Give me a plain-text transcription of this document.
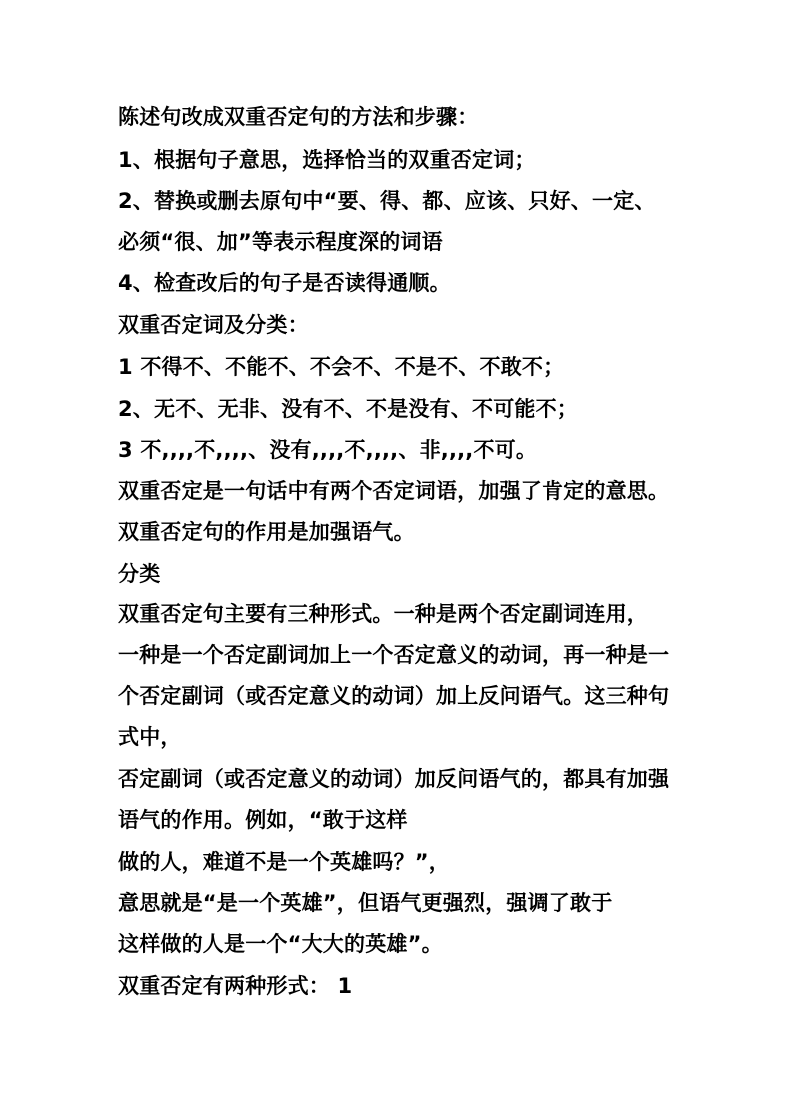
陈述句改成双重否定句的方法和步骤：
1、根据句子意思，选择恰当的双重否定词；
2、替换或删去原句中“要、得、都、应该、只好、一定、
必须“很、加”等表示程度深的词语
4、检查改后的句子是否读得通顺。
双重否定词及分类：
1 不得不、不能不、不会不、不是不、不敢不；
2、无不、无非、没有不、不是没有、不可能不；
3 不,,,,不,,,,、没有,,,,不,,,,、非,,,,不可。
双重否定是一句话中有两个否定词语，加强了肯定的意思。
双重否定句的作用是加强语气。
分类
双重否定句主要有三种形式。一种是两个否定副词连用，
一种是一个否定副词加上一个否定意义的动词，再一种是一
个否定副词（或否定意义的动词）加上反问语气。这三种句
式中，
否定副词（或否定意义的动词）加反问语气的，都具有加强
语气的作用。例如，“敢于这样
做的人，难道不是一个英雄吗？”，
意思就是“是一个英雄”，但语气更强烈，强调了敢于
这样做的人是一个“大大的英雄”。
双重否定有两种形式： 1
